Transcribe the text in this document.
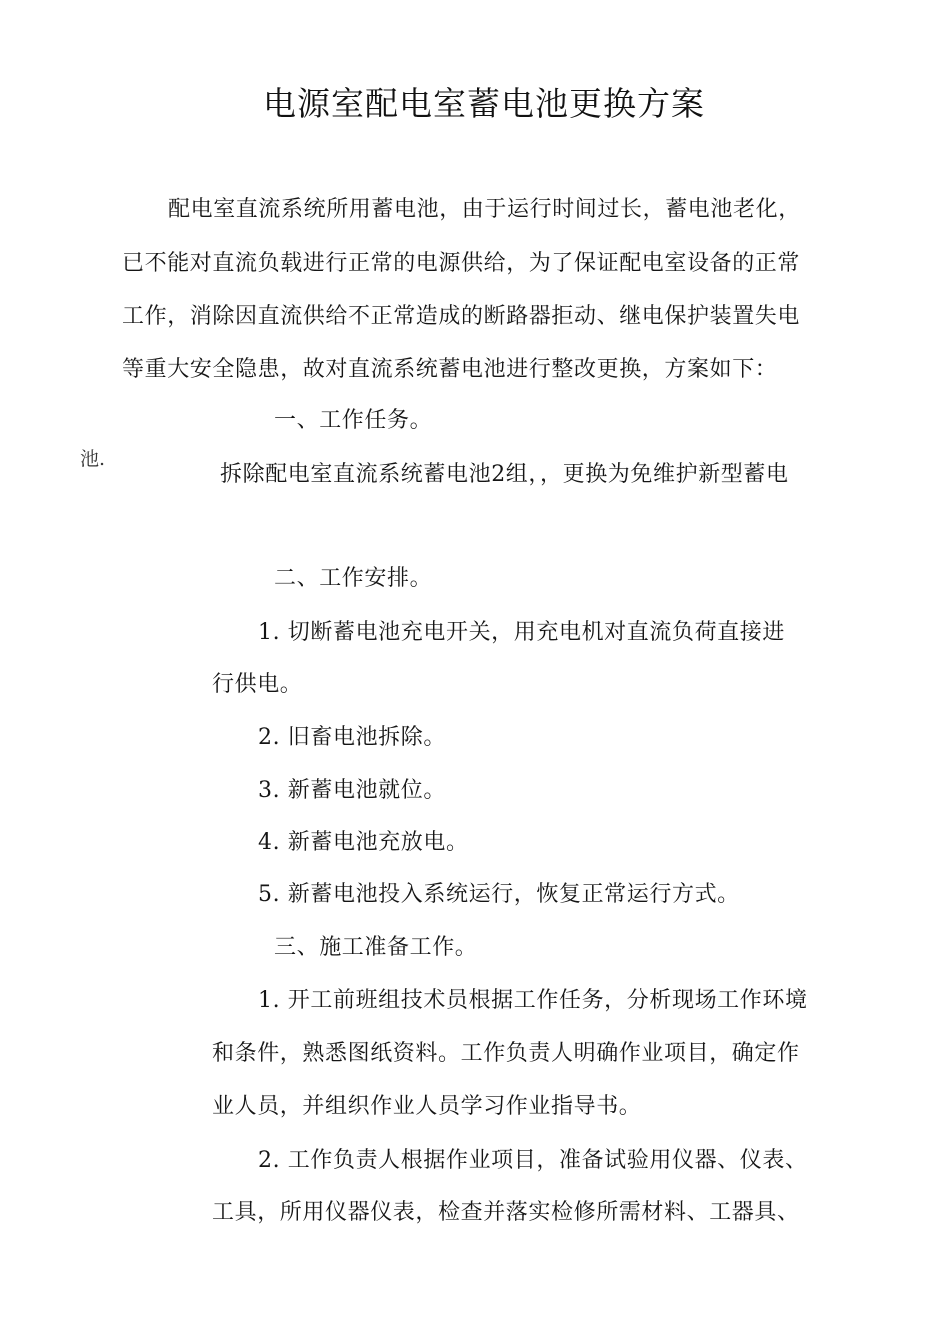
电源室配电室蓄电池更换方案
配电室直流系统所用蓄电池，由于运行时间过长，蓄电池老化，
已不能对直流负载进行正常的电源供给，为了保证配电室设备的正常
工作，消除因直流供给不正常造成的断路器拒动、继电保护装置失电
等重大安全隐患，故对直流系统蓄电池进行整改更换，方案如下：
一、工作任务。
池.
拆除配电室直流系统蓄电池2组，，更换为免维护新型蓄电
二、工作安排。
1. 切断蓄电池充电开关，用充电机对直流负荷直接进
行供电。
2. 旧畜电池拆除。
3. 新蓄电池就位。
4. 新蓄电池充放电。
5. 新蓄电池投入系统运行，恢复正常运行方式。
三、施工准备工作。
1. 开工前班组技术员根据工作任务，分析现场工作环境
和条件，熟悉图纸资料。工作负责人明确作业项目，确定作
业人员，并组织作业人员学习作业指导书。
2. 工作负责人根据作业项目，准备试验用仪器、仪表、
工具，所用仪器仪表，检查并落实检修所需材料、工器具、
